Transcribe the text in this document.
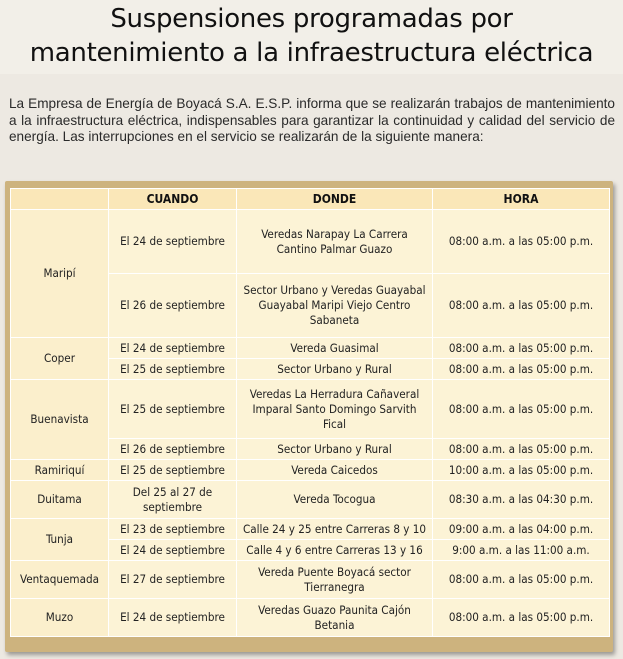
Suspensiones programadas por
mantenimiento a la infraestructura eléctrica
La Empresa de Energía de Boyacá S.A. E.S.P. informa que se realizarán trabajos de mantenimiento a la infraestructura eléctrica, indispensables para garantizar la continuidad y calidad del servicio de energía. Las interrupciones en el servicio se realizarán de la siguiente manera:
	CUANDO	DONDE	HORA
Maripí	El 24 de septiembre	Veredas Narapay La Carrera Cantino Palmar Guazo	08:00 a.m. a las 05:00 p.m.
	El 26 de septiembre	Sector Urbano y Veredas Guayabal Guayabal Maripi Viejo Centro Sabaneta	08:00 a.m. a las 05:00 p.m.
Coper	El 24 de septiembre	Vereda Guasimal	08:00 a.m. a las 05:00 p.m.
	El 25 de septiembre	Sector Urbano y Rural	08:00 a.m. a las 05:00 p.m.
Buenavista	El 25 de septiembre	Veredas La Herradura Cañaveral Imparal Santo Domingo Sarvith Fical	08:00 a.m. a las 05:00 p.m.
	El 26 de septiembre	Sector Urbano y Rural	08:00 a.m. a las 05:00 p.m.
Ramiriquí	El 25 de septiembre	Vereda Caicedos	10:00 a.m. a las 05:00 p.m.
Duitama	Del 25 al 27 de septiembre	Vereda Tocogua	08:30 a.m. a las 04:30 p.m.
Tunja	El 23 de septiembre	Calle 24 y 25 entre Carreras 8 y 10	09:00 a.m. a las 04:00 p.m.
	El 24 de septiembre	Calle 4 y 6 entre Carreras 13 y 16	9:00 a.m. a las 11:00 a.m.
Ventaquemada	El 27 de septiembre	Vereda Puente Boyacá sector Tierranegra	08:00 a.m. a las 05:00 p.m.
Muzo	El 24 de septiembre	Veredas Guazo Paunita Cajón Betania	08:00 a.m. a las 05:00 p.m.
